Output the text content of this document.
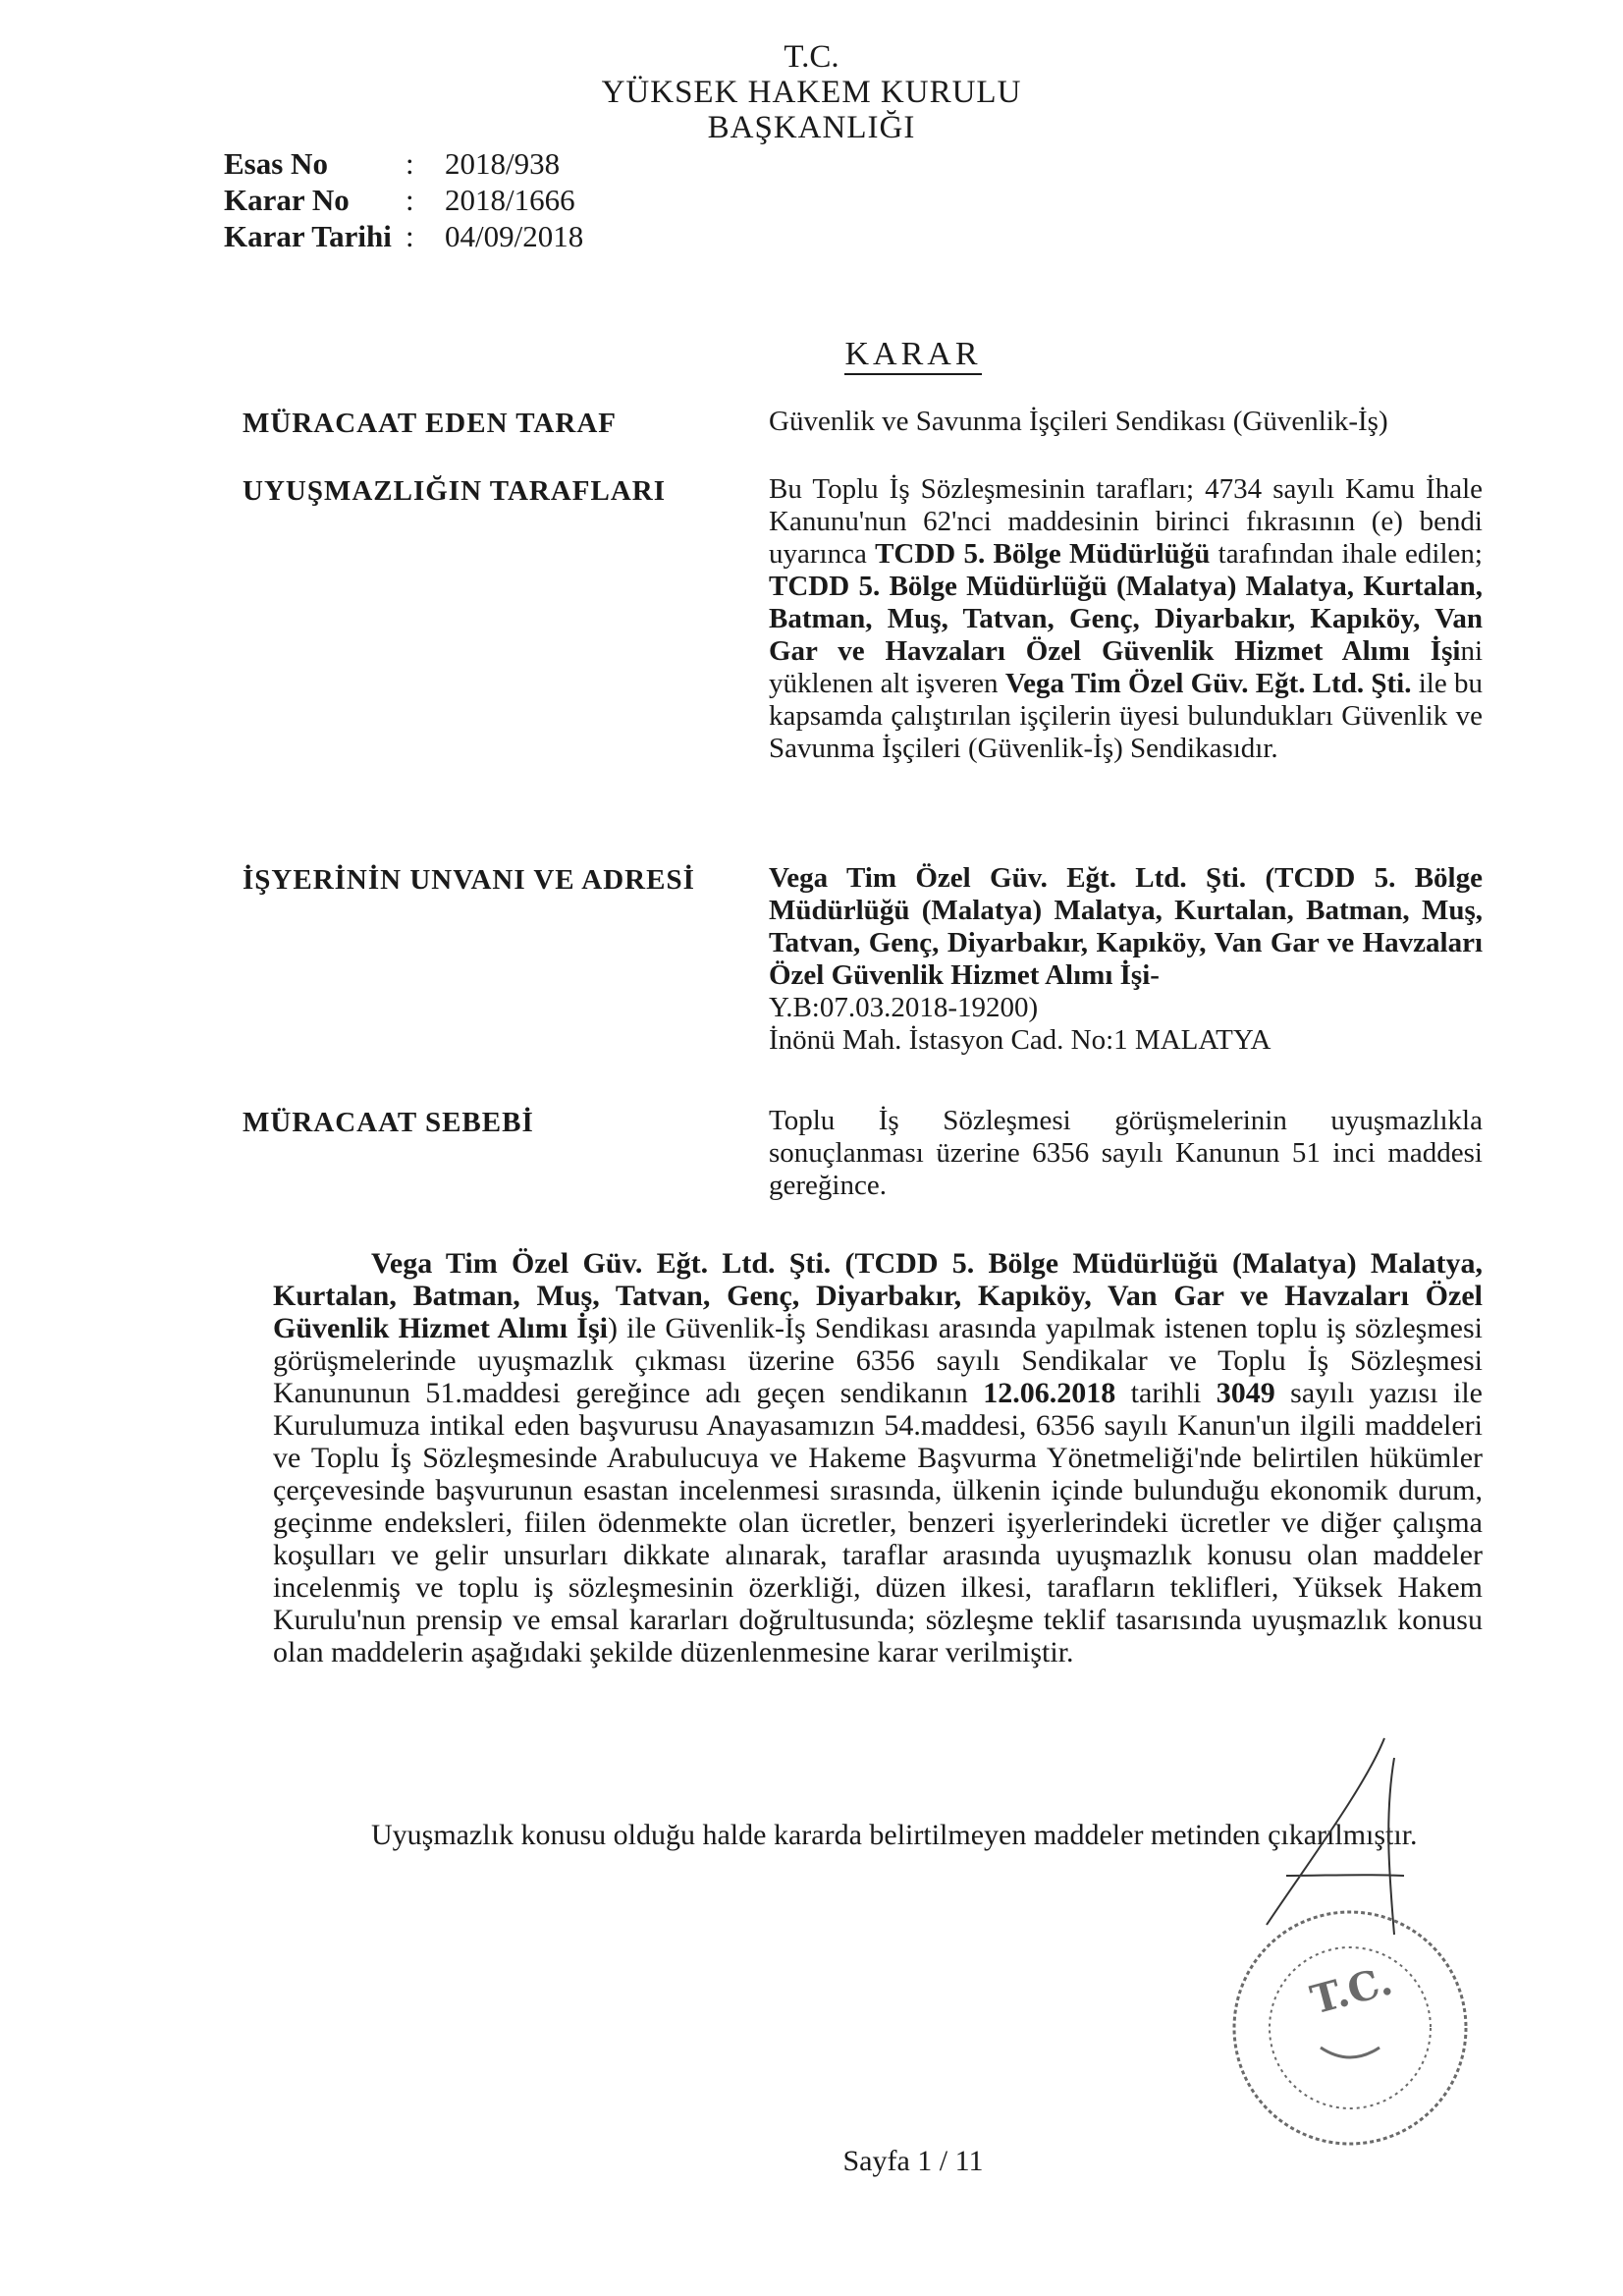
T.C.
YÜKSEK HAKEM KURULU
BAŞKANLIĞI
Esas No	:	2018/938
Karar No	:	2018/1666
Karar Tarihi :	04/09/2018
KARAR
MÜRACAAT EDEN TARAF	Güvenlik ve Savunma İşçileri Sendikası (Güvenlik-İş)
UYUŞMAZLIĞIN TARAFLARI	Bu Toplu İş Sözleşmesinin tarafları; 4734 sayılı Kamu İhale Kanunu'nun 62'nci maddesinin birinci fıkrasının (e) bendi uyarınca TCDD 5. Bölge Müdürlüğü tarafından ihale edilen; TCDD 5. Bölge Müdürlüğü (Malatya) Malatya, Kurtalan, Batman, Muş, Tatvan, Genç, Diyarbakır, Kapıköy, Van Gar ve Havzaları Özel Güvenlik Hizmet Alımı İşini yüklenen alt işveren Vega Tim Özel Güv. Eğt. Ltd. Şti. ile bu kapsamda çalıştırılan işçilerin üyesi bulundukları Güvenlik ve Savunma İşçileri (Güvenlik-İş) Sendikasıdır.
İŞYERİNİN UNVANI VE ADRESİ	Vega Tim Özel Güv. Eğt. Ltd. Şti. (TCDD 5. Bölge Müdürlüğü (Malatya) Malatya, Kurtalan, Batman, Muş, Tatvan, Genç, Diyarbakır, Kapıköy, Van Gar ve Havzaları Özel Güvenlik Hizmet Alımı İşi-
Y.B:07.03.2018-19200)
İnönü Mah. İstasyon Cad. No:1 MALATYA
MÜRACAAT SEBEBİ	Toplu İş Sözleşmesi görüşmelerinin uyuşmazlıkla sonuçlanması üzerine 6356 sayılı Kanunun 51 inci maddesi gereğince.
Vega Tim Özel Güv. Eğt. Ltd. Şti. (TCDD 5. Bölge Müdürlüğü (Malatya) Malatya, Kurtalan, Batman, Muş, Tatvan, Genç, Diyarbakır, Kapıköy, Van Gar ve Havzaları Özel Güvenlik Hizmet Alımı İşi) ile Güvenlik-İş Sendikası arasında yapılmak istenen toplu iş sözleşmesi görüşmelerinde uyuşmazlık çıkması üzerine 6356 sayılı Sendikalar ve Toplu İş Sözleşmesi Kanununun 51.maddesi gereğince adı geçen sendikanın 12.06.2018 tarihli 3049 sayılı yazısı ile Kurulumuza intikal eden başvurusu Anayasamızın 54.maddesi, 6356 sayılı Kanun'un ilgili maddeleri ve Toplu İş Sözleşmesinde Arabulucuya ve Hakeme Başvurma Yönetmeliği'nde belirtilen hükümler çerçevesinde başvurunun esastan incelenmesi sırasında, ülkenin içinde bulunduğu ekonomik durum, geçinme endeksleri, fiilen ödenmekte olan ücretler, benzeri işyerlerindeki ücretler ve diğer çalışma koşulları ve gelir unsurları dikkate alınarak, taraflar arasında uyuşmazlık konusu olan maddeler incelenmiş ve toplu iş sözleşmesinin özerkliği, düzen ilkesi, tarafların teklifleri, Yüksek Hakem Kurulu'nun prensip ve emsal kararları doğrultusunda; sözleşme teklif tasarısında uyuşmazlık konusu olan maddelerin aşağıdaki şekilde düzenlenmesine karar verilmiştir.
Uyuşmazlık konusu olduğu halde kararda belirtilmeyen maddeler metinden çıkarılmıştır.
T.C.
Sayfa 1 / 11
